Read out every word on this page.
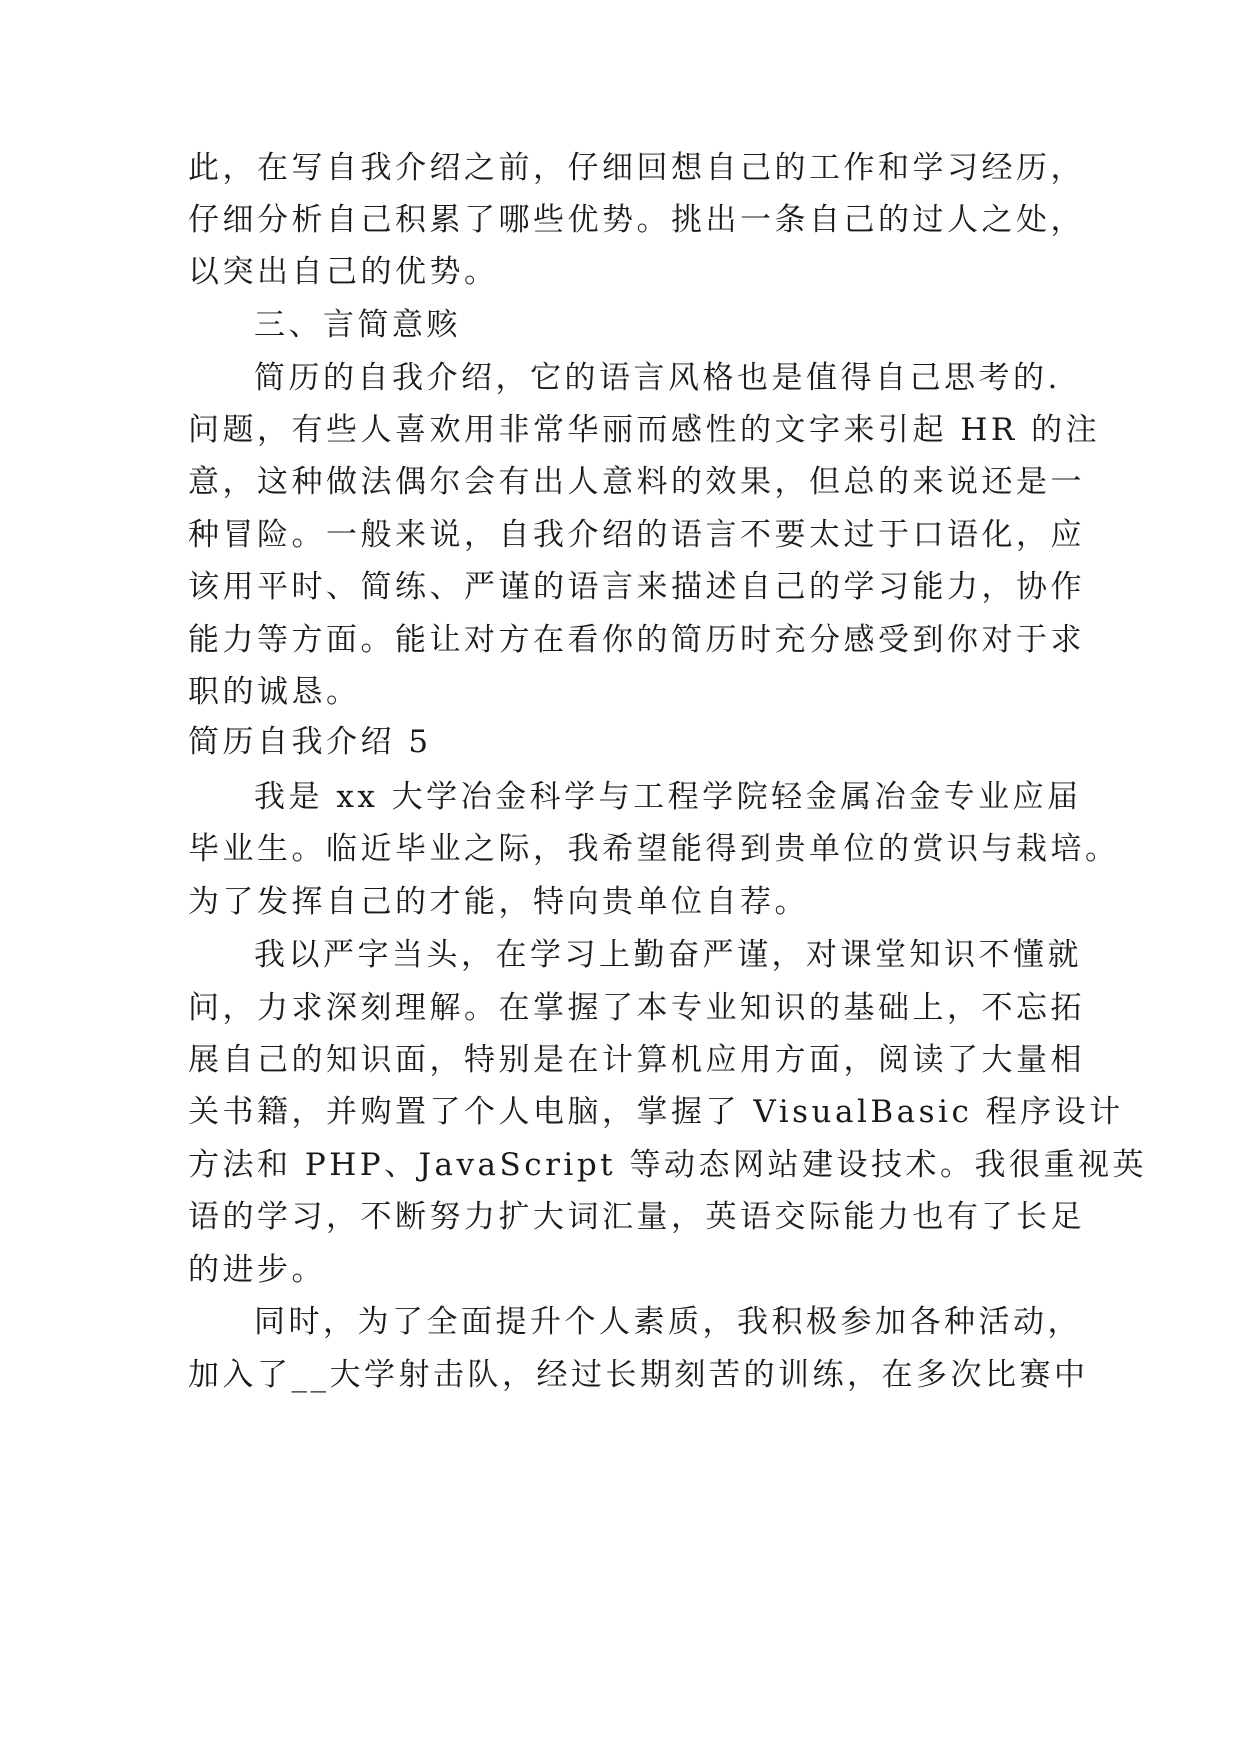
此，在写自我介绍之前，仔细回想自己的工作和学习经历，
仔细分析自己积累了哪些优势。挑出一条自己的过人之处，
以突出自己的优势。
三、言简意赅
简历的自我介绍，它的语言风格也是值得自己思考的.
问题，有些人喜欢用非常华丽而感性的文字来引起 HR 的注
意，这种做法偶尔会有出人意料的效果，但总的来说还是一
种冒险。一般来说，自我介绍的语言不要太过于口语化，应
该用平时、简练、严谨的语言来描述自己的学习能力，协作
能力等方面。能让对方在看你的简历时充分感受到你对于求
职的诚恳。
简历自我介绍 5
我是 xx 大学冶金科学与工程学院轻金属冶金专业应届
毕业生。临近毕业之际，我希望能得到贵单位的赏识与栽培。
为了发挥自己的才能，特向贵单位自荐。
我以严字当头，在学习上勤奋严谨，对课堂知识不懂就
问，力求深刻理解。在掌握了本专业知识的基础上，不忘拓
展自己的知识面，特别是在计算机应用方面，阅读了大量相
关书籍，并购置了个人电脑，掌握了 VisualBasic 程序设计
方法和 PHP、JavaScript 等动态网站建设技术。我很重视英
语的学习，不断努力扩大词汇量，英语交际能力也有了长足
的进步。
同时，为了全面提升个人素质，我积极参加各种活动，
加入了__大学射击队，经过长期刻苦的训练，在多次比赛中
